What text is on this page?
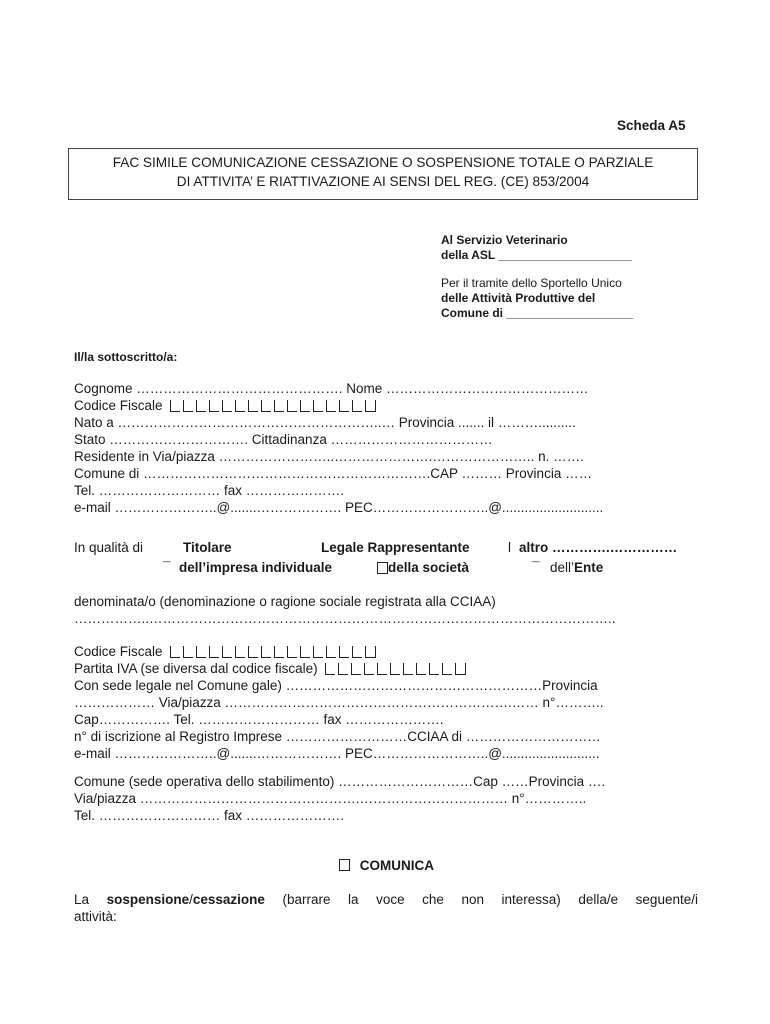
Scheda A5
FAC SIMILE COMUNICAZIONE CESSAZIONE O SOSPENSIONE TOTALE O PARZIALE
DI ATTIVITA’ E RIATTIVAZIONE AI SENSI DEL REG. (CE) 853/2004
Al Servizio Veterinario
della ASL ____________________
Per il tramite dello Sportello Unico
delle Attività Produttive del
Comune di ___________________
Il/la sottoscritto/a:
Cognome ………………………………………. Nome ………………………………………
Codice Fiscale
Nato a …………………………………………………..… Provincia ....... il ………..........
Stato …………………………. Cittadinanza ………………………………
Residente in Via/piazza ……………………..………………….………………….. n. …….
Comune di ……………………………………………………….CAP ……… Provincia ……
Tel. ……………………… fax ………………….
e-mail …………………..@.......………………. PEC……………………..@...........................
In qualità di	Titolare	Legale Rappresentante	l altro ………….……………
¯ dell’impresa individuale	della società	¯ dell’Ente
denominata/o (denominazione o ragione sociale registrata alla CCIAA)
……………..…………………………………………………………………………………………..
Codice Fiscale
Partita IVA (se diversa dal codice fiscale)
Con sede legale nel Comune gale) …………………………………………………Provincia
……………… Via/piazza ……………………………………………………….…… n°………..
Cap……………. Tel. ……………………… fax ………………….
n° di iscrizione al Registro Imprese ………………………CCIAA di …………………………
e-mail …………………..@.......………………. PEC……………………..@..........................
Comune (sede operativa dello stabilimento) …………………………Cap ……Provincia ….
Via/piazza ………………………………………….…………………………… n°…………..
Tel. ……………………… fax ………………….
COMUNICA
La sospensione/cessazione (barrare la voce che non interessa) della/e seguente/i
attività:
